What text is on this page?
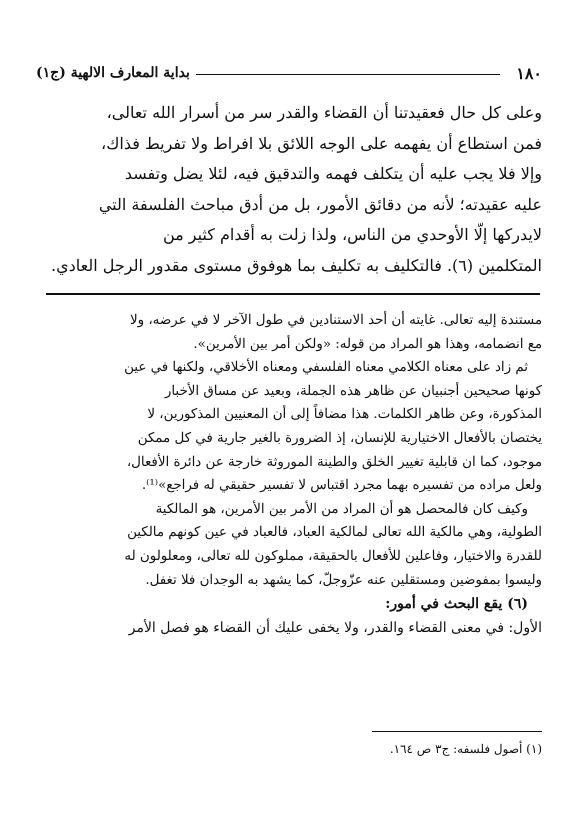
١٨٠
بداية المعارف الالهية (ج١)
وعلى كل حال فعقيدتنا أن القضاء والقدر سر من أسرار الله تعالى،
فمن استطاع أن يفهمه على الوجه اللائق بلا افراط ولا تفريط فذاك،
وإلا فلا يجب عليه أن يتكلف فهمه والتدقيق فيه، لئلا يضل وتفسد
عليه عقيدته؛ لأنه من دقائق الأمور، بل من أدق مباحث الفلسفة التي
لايدركها إلّا الأوحدي من الناس، ولذا زلت به أقدام كثير من
المتكلمين (٦). فالتكليف به تكليف بما هوفوق مستوى مقدور الرجل العادي.
مستندة إليه تعالى. غايته أن أحد الاستنادين في طول الآخر لا في عرضه، ولا
مع انضمامه، وهذا هو المراد من قوله: «ولكن أمر بين الأمرين».
ثم زاد على معناه الكلامي معناه الفلسفي ومعناه الأخلاقي، ولكنها في عين
كونها صحيحين أجنبيان عن ظاهر هذه الجملة، وبعيد عن مساق الأخبار
المذكورة، وعن ظاهر الكلمات. هذا مضافاً إلى أن المعنيين المذكورين، لا
يختصان بالأفعال الاختيارية للإنسان، إذ الضرورة بالغير جارية في كل ممكن
موجود، كما ان قابلية تغيير الخلق والطينة الموروثة خارجة عن دائرة الأفعال،
ولعل مراده من تفسيره بهما مجرد اقتباس لا تفسير حقيقي له فراجع»⁽¹⁾.
وكيف كان فالمحصل هو أن المراد من الأمر بين الأمرين، هو المالكية
الطولية، وهي مالكية الله تعالى لمالكية العباد، فالعباد في عين كونهم مالكين
للقدرة والاختيار، وفاعلين للأفعال بالحقيقة، مملوكون لله تعالى، ومعلولون له
وليسوا بمفوضين ومستقلين عنه عزّوجلّ، كما يشهد به الوجدان فلا تغفل.
(٦) يقع البحث في أمور:
الأول: في معنى القضاء والقدر، ولا يخفى عليك أن القضاء هو فصل الأمر
(١) أصول فلسفه: ج٣ ص ١٦٤.
